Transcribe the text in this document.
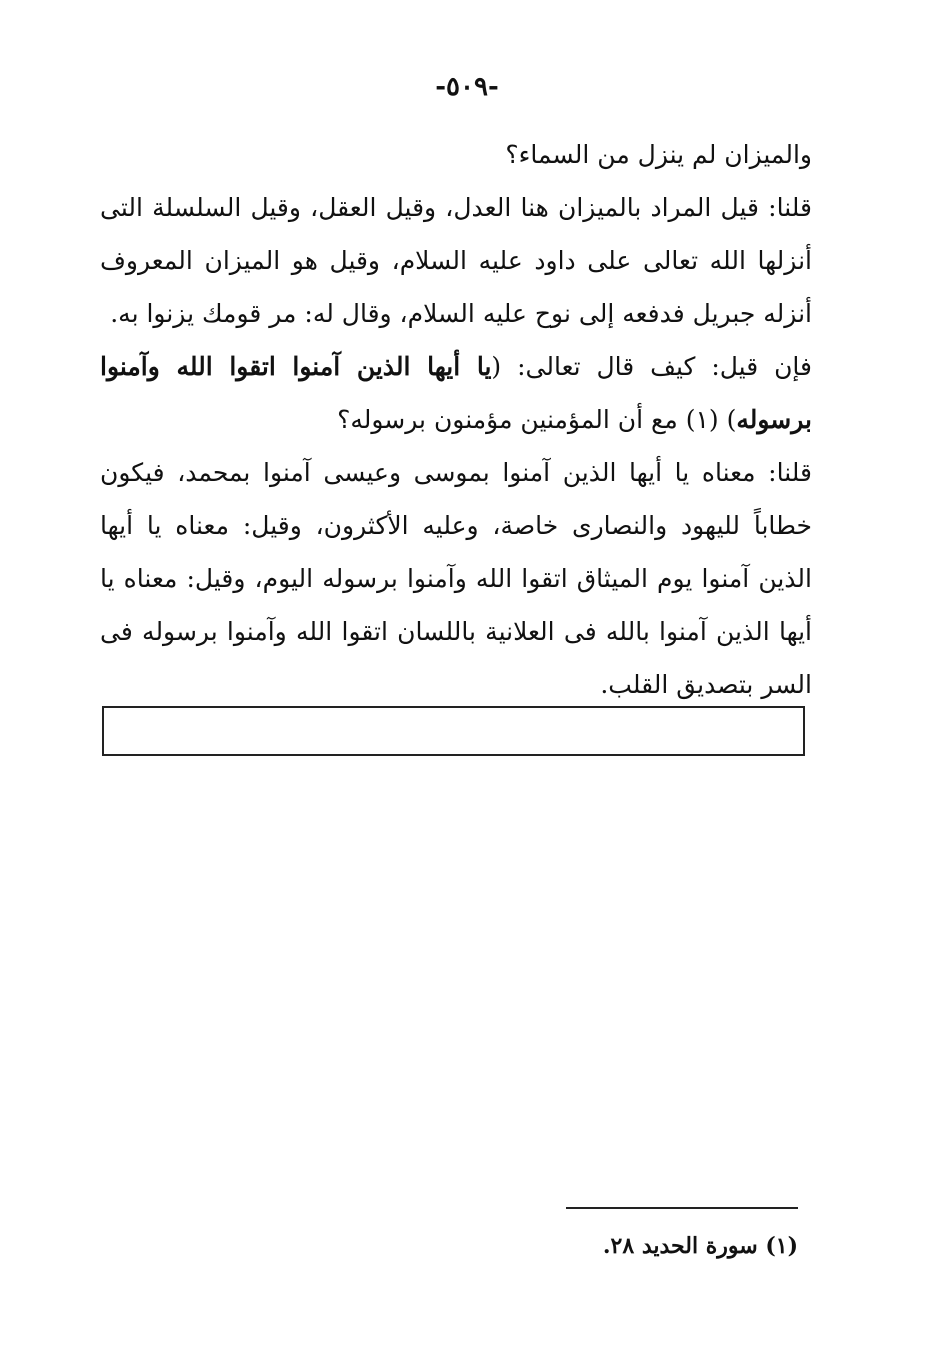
-٥٠٩-

والميزان لم ينزل من السماء؟

قلنا: قيل المراد بالميزان هنا العدل، وقيل العقل، وقيل السلسلة التى أنزلها الله تعالى على داود عليه السلام، وقيل هو الميزان المعروف أنزله جبريل فدفعه إلى نوح عليه السلام، وقال له: مر قومك يزنوا به.

فإن قيل: كيف قال تعالى: (يا أيها الذين آمنوا اتقوا الله وآمنوا برسوله) (١) مع أن المؤمنين مؤمنون برسوله؟

قلنا: معناه يا أيها الذين آمنوا بموسى وعيسى آمنوا بمحمد، فيكون خطاباً لليهود والنصارى خاصة، وعليه الأكثرون، وقيل: معناه يا أيها الذين آمنوا يوم الميثاق اتقوا الله وآمنوا برسوله اليوم، وقيل: معناه يا أيها الذين آمنوا بالله فى العلانية باللسان اتقوا الله وآمنوا برسوله فى السر بتصديق القلب.

(١) سورة الحديد ٢٨.
